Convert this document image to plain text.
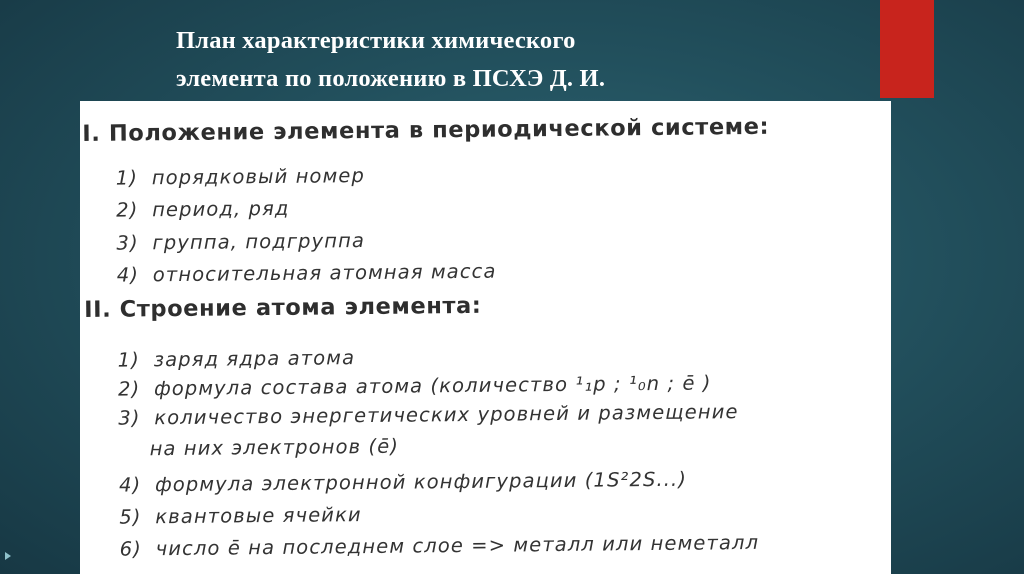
План характеристики химического
элемента по положению в ПСХЭ Д. И.
I. Положение элемента в периодической системе:
1) порядковый номер
2) период, ряд
3) группа, подгруппа
4) относительная атомная масса
II. Строение атома элемента:
1) заряд ядра атома
2) формула состава атома (количество ¹₁p ; ¹₀n ; ē )
3) количество энергетических уровней и размещение
на них электронов (ē)
4) формула электронной конфигурации (1S²2S...)
5) квантовые ячейки
6) число ē на последнем слое => металл или неметалл
